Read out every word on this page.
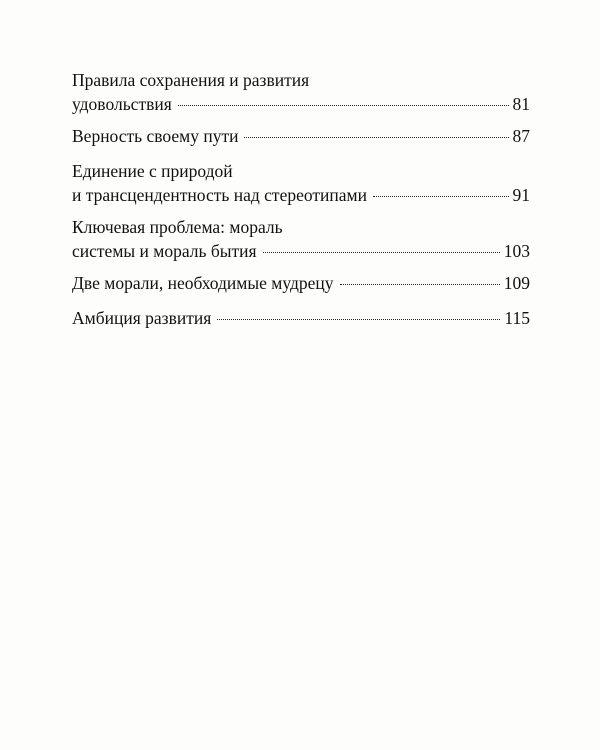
Правила сохранения и развития
удовольствия	81
Верность своему пути	87
Единение с природой
и трансцендентность над стереотипами	91
Ключевая проблема: мораль
системы и мораль бытия	103
Две морали, необходимые мудрецу	109
Амбиция развития	115
